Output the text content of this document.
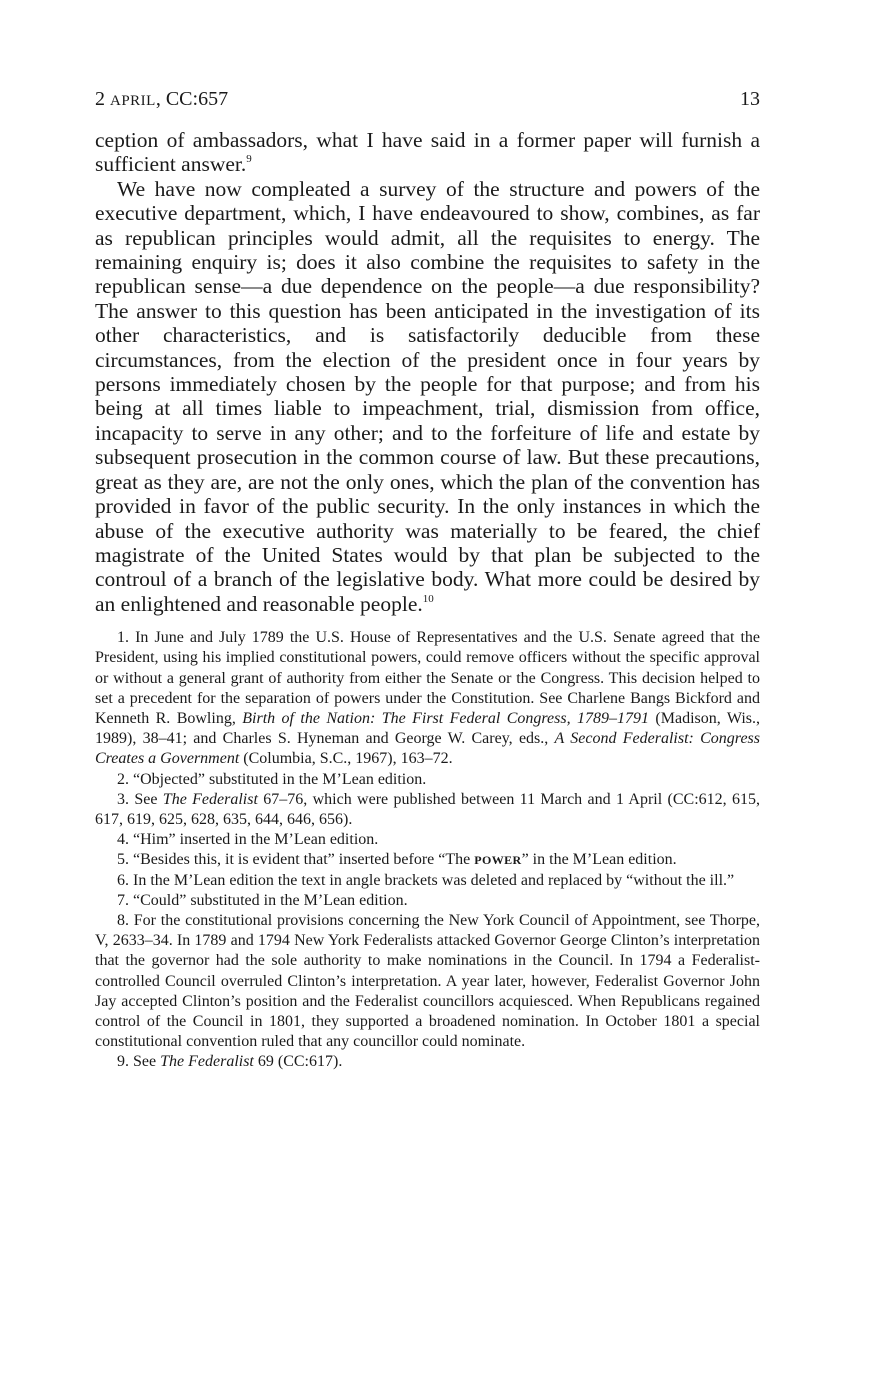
2 APRIL, CC:657	13

ception of ambassadors, what I have said in a former paper will furnish a sufficient answer.$^9$

We have now compleated a survey of the structure and powers of the executive department, which, I have endeavoured to show, combines, as far as republican principles would admit, all the requisites to energy. The remaining enquiry is; does it also combine the requisites to safety in the republican sense—a due dependence on the people—a due responsibility? The answer to this question has been anticipated in the investigation of its other characteristics, and is satisfactorily deducible from these circumstances, from the election of the president once in four years by persons immediately chosen by the people for that purpose; and from his being at all times liable to impeachment, trial, dismission from office, incapacity to serve in any other; and to the forfeiture of life and estate by subsequent prosecution in the common course of law. But these precautions, great as they are, are not the only ones, which the plan of the convention has provided in favor of the public security. In the only instances in which the abuse of the executive authority was materially to be feared, the chief magistrate of the United States would by that plan be subjected to the controul of a branch of the legislative body. What more could be desired by an enlightened and reasonable people.$^{10}$

1. In June and July 1789 the U.S. House of Representatives and the U.S. Senate agreed that the President, using his implied constitutional powers, could remove officers without the specific approval or without a general grant of authority from either the Senate or the Congress. This decision helped to set a precedent for the separation of powers under the Constitution. See Charlene Bangs Bickford and Kenneth R. Bowling, Birth of the Nation: The First Federal Congress, 1789–1791 (Madison, Wis., 1989), 38–41; and Charles S. Hyneman and George W. Carey, eds., A Second Federalist: Congress Creates a Government (Columbia, S.C., 1967), 163–72.

2. “Objected” substituted in the M’Lean edition.

3. See The Federalist 67–76, which were published between 11 March and 1 April (CC:612, 615, 617, 619, 625, 628, 635, 644, 646, 656).

4. “Him” inserted in the M’Lean edition.

5. “Besides this, it is evident that” inserted before “The POWER” in the M’Lean edition.

6. In the M’Lean edition the text in angle brackets was deleted and replaced by “without the ill.”

7. “Could” substituted in the M’Lean edition.

8. For the constitutional provisions concerning the New York Council of Appointment, see Thorpe, V, 2633–34. In 1789 and 1794 New York Federalists attacked Governor George Clinton’s interpretation that the governor had the sole authority to make nominations in the Council. In 1794 a Federalist-controlled Council overruled Clinton’s interpretation. A year later, however, Federalist Governor John Jay accepted Clinton’s position and the Federalist councillors acquiesced. When Republicans regained control of the Council in 1801, they supported a broadened nomination. In October 1801 a special constitutional convention ruled that any councillor could nominate.

9. See The Federalist 69 (CC:617).
